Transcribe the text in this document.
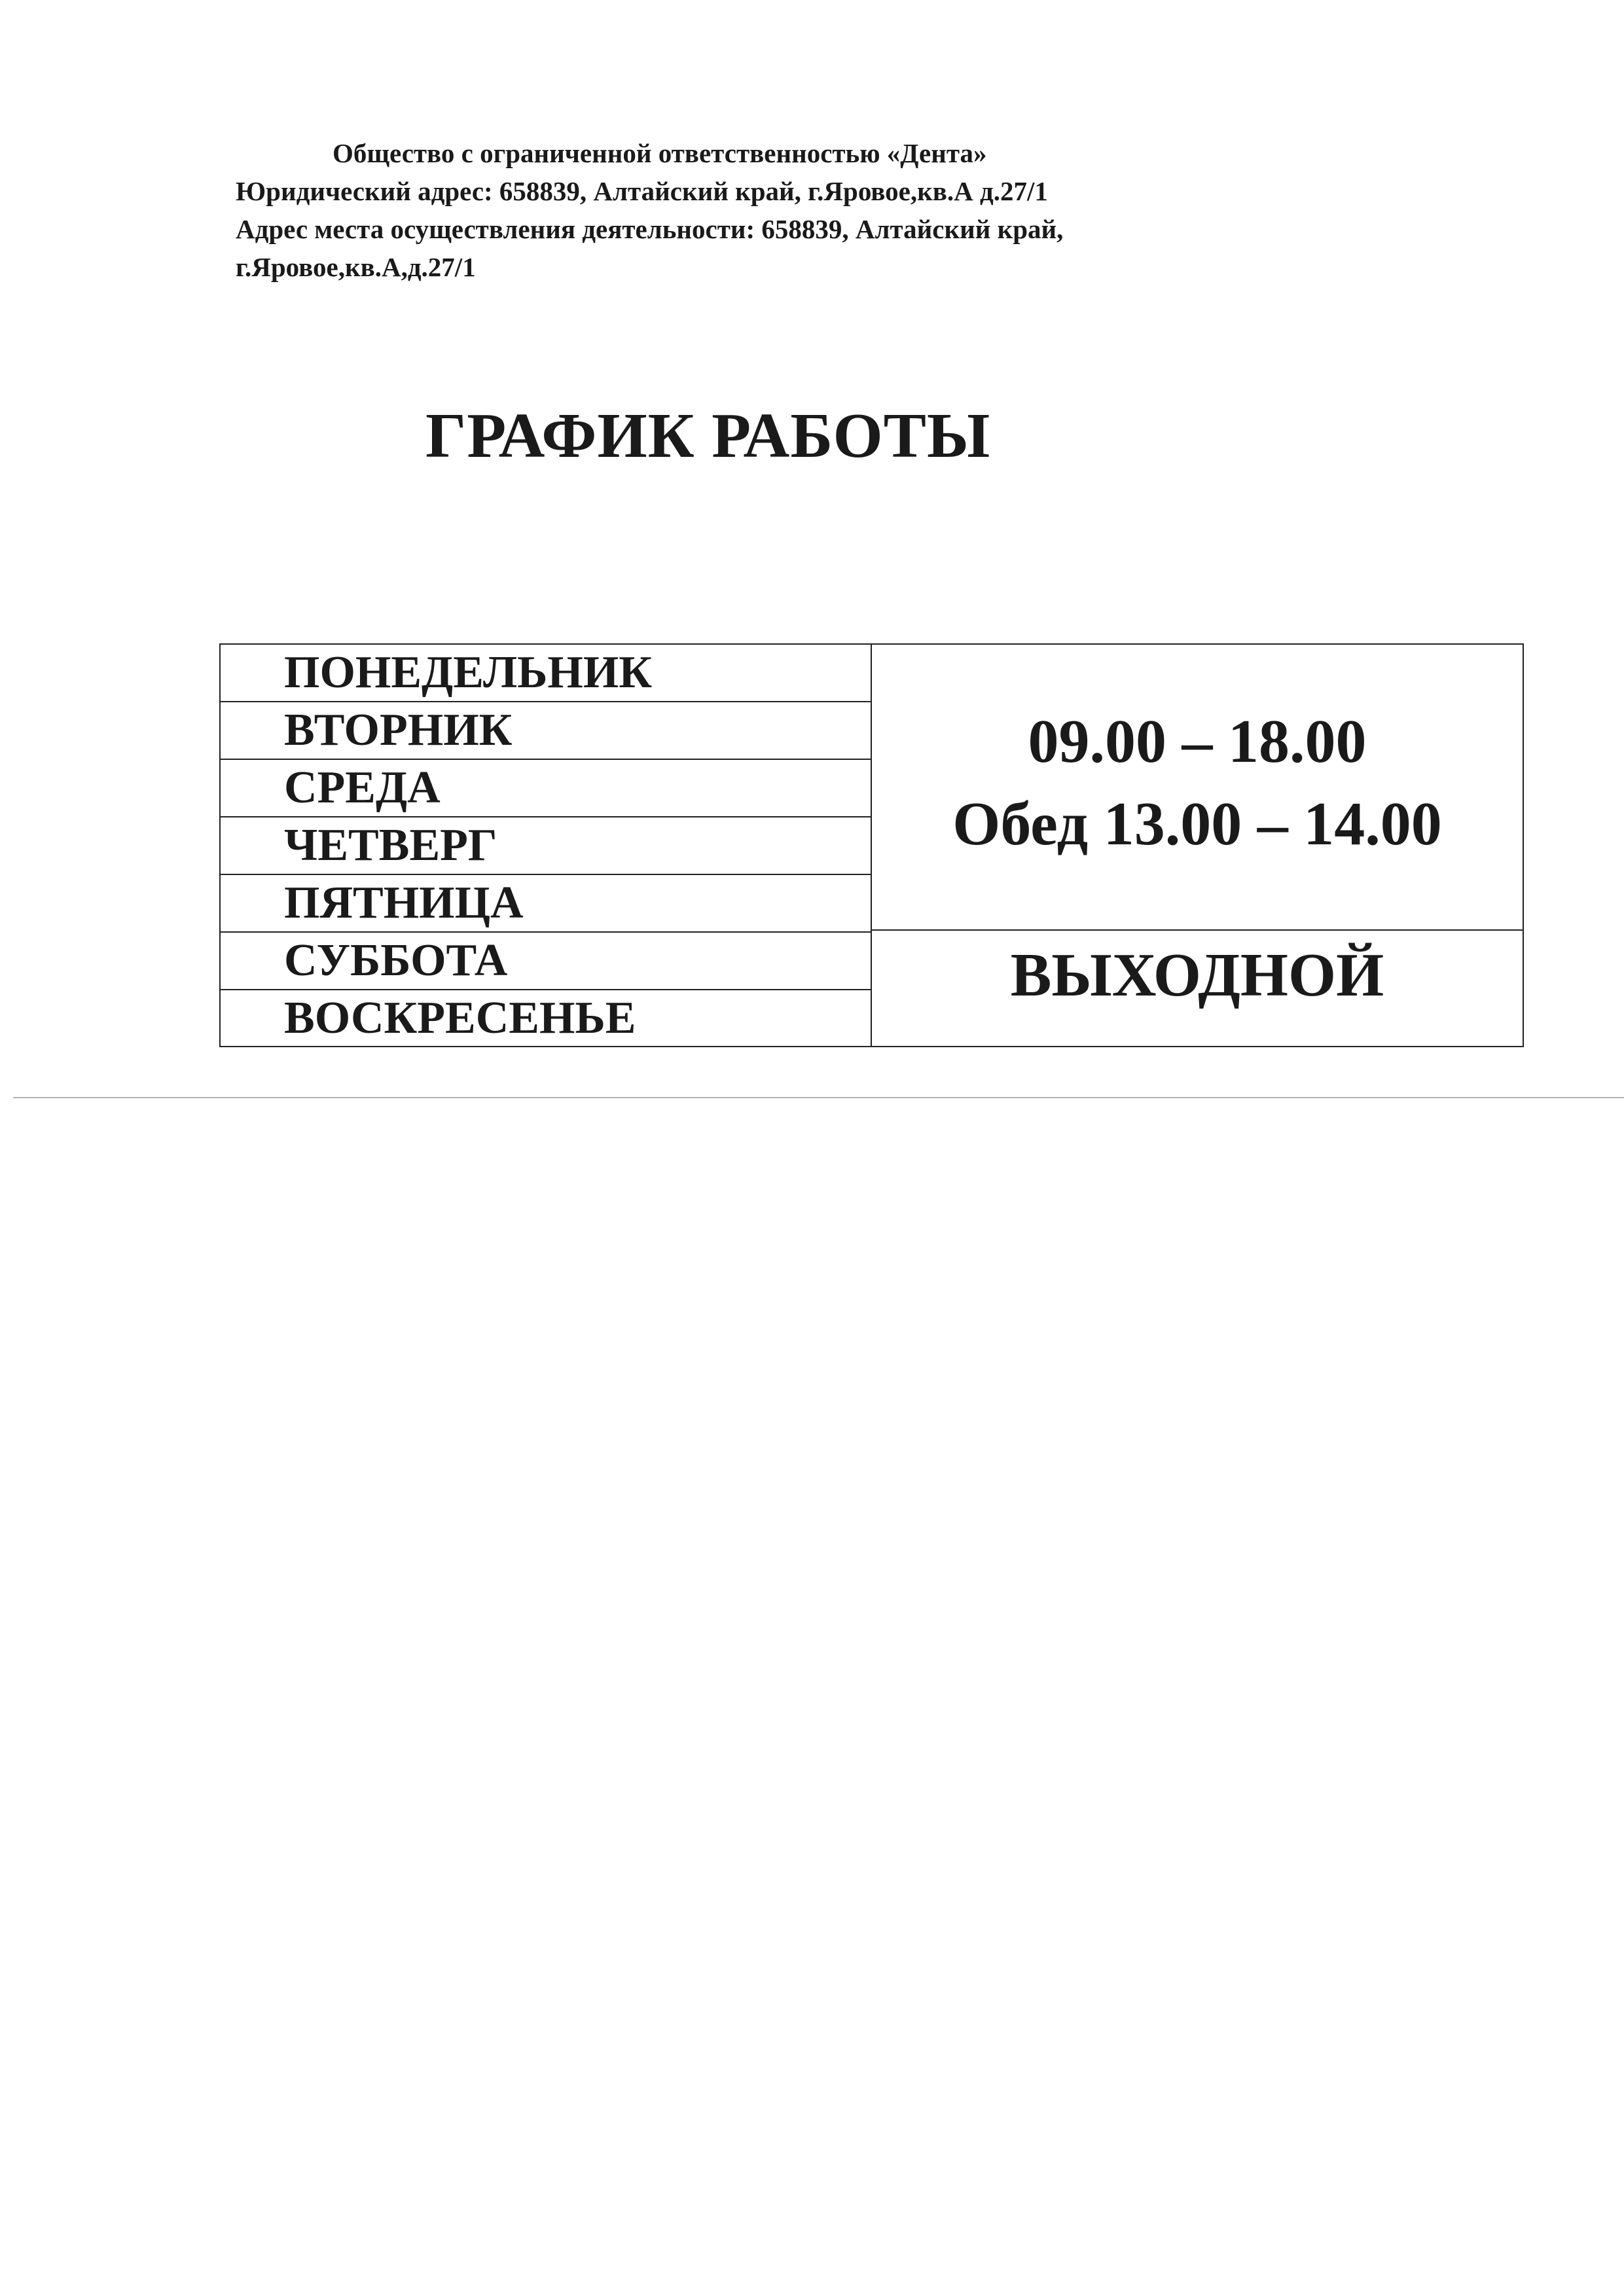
Общество с ограниченной ответственностью «Дента»
Юридический адрес: 658839, Алтайский край, г.Яровое,кв.А д.27/1
Адрес места осуществления деятельности: 658839, Алтайский край,
г.Яровое,кв.А,д.27/1
ГРАФИК РАБОТЫ
ПОНЕДЕЛЬНИК
ВТОРНИК
СРЕДА
ЧЕТВЕРГ
ПЯТНИЦА
СУББОТА
ВОСКРЕСЕНЬЕ
09.00 – 18.00
Обед 13.00 – 14.00
ВЫХОДНОЙ
